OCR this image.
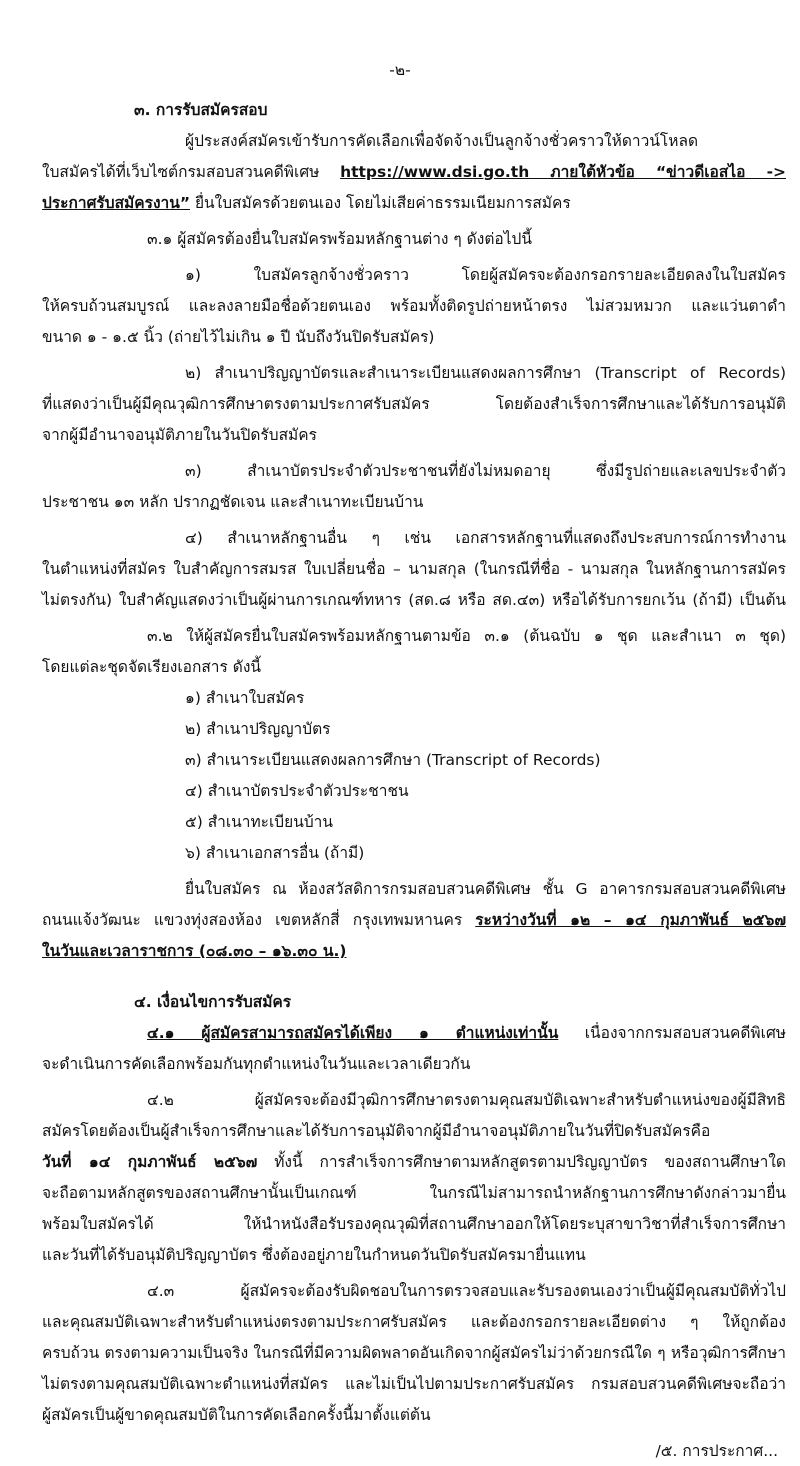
-๒-
๓. การรับสมัครสอบ
ผู้ประสงค์สมัครเข้ารับการคัดเลือกเพื่อจัดจ้างเป็นลูกจ้างชั่วคราวให้ดาวน์โหลด
ใบสมัครได้ที่เว็บไซต์กรมสอบสวนคดีพิเศษ https://www.dsi.go.th ภายใต้หัวข้อ “ข่าวดีเอสไอ ->
ประกาศรับสมัครงาน” ยื่นใบสมัครด้วยตนเอง โดยไม่เสียค่าธรรมเนียมการสมัคร
๓.๑ ผู้สมัครต้องยื่นใบสมัครพร้อมหลักฐานต่าง ๆ ดังต่อไปนี้
๑) ใบสมัครลูกจ้างชั่วคราว โดยผู้สมัครจะต้องกรอกรายละเอียดลงในใบสมัคร
ให้ครบถ้วนสมบูรณ์ และลงลายมือชื่อด้วยตนเอง พร้อมทั้งติดรูปถ่ายหน้าตรง ไม่สวมหมวก และแว่นตาดำ
ขนาด ๑ - ๑.๕ นิ้ว (ถ่ายไว้ไม่เกิน ๑ ปี นับถึงวันปิดรับสมัคร)
๒) สำเนาปริญญาบัตรและสำเนาระเบียนแสดงผลการศึกษา (Transcript of Records)
ที่แสดงว่าเป็นผู้มีคุณวุฒิการศึกษาตรงตามประกาศรับสมัคร โดยต้องสำเร็จการศึกษาและได้รับการอนุมัติ
จากผู้มีอำนาจอนุมัติภายในวันปิดรับสมัคร
๓) สำเนาบัตรประจำตัวประชาชนที่ยังไม่หมดอายุ ซึ่งมีรูปถ่ายและเลขประจำตัว
ประชาชน ๑๓ หลัก ปรากฏชัดเจน และสำเนาทะเบียนบ้าน
๔) สำเนาหลักฐานอื่น ๆ เช่น เอกสารหลักฐานที่แสดงถึงประสบการณ์การทำงาน
ในตำแหน่งที่สมัคร ใบสำคัญการสมรส ใบเปลี่ยนชื่อ – นามสกุล (ในกรณีที่ชื่อ - นามสกุล ในหลักฐานการสมัคร
ไม่ตรงกัน) ใบสำคัญแสดงว่าเป็นผู้ผ่านการเกณฑ์ทหาร (สด.๘ หรือ สด.๔๓) หรือได้รับการยกเว้น (ถ้ามี) เป็นต้น
๓.๒ ให้ผู้สมัครยื่นใบสมัครพร้อมหลักฐานตามข้อ ๓.๑ (ต้นฉบับ ๑ ชุด และสำเนา ๓ ชุด)
โดยแต่ละชุดจัดเรียงเอกสาร ดังนี้
๑) สำเนาใบสมัคร
๒) สำเนาปริญญาบัตร
๓) สำเนาระเบียนแสดงผลการศึกษา (Transcript of Records)
๔) สำเนาบัตรประจำตัวประชาชน
๕) สำเนาทะเบียนบ้าน
๖) สำเนาเอกสารอื่น (ถ้ามี)
ยื่นใบสมัคร ณ ห้องสวัสดิการกรมสอบสวนคดีพิเศษ ชั้น G อาคารกรมสอบสวนคดีพิเศษ
ถนนแจ้งวัฒนะ แขวงทุ่งสองห้อง เขตหลักสี่ กรุงเทพมหานคร ระหว่างวันที่ ๑๒ – ๑๔ กุมภาพันธ์ ๒๕๖๗
ในวันและเวลาราชการ (๐๘.๓๐ – ๑๖.๓๐ น.)
๔. เงื่อนไขการรับสมัคร
๔.๑ ผู้สมัครสามารถสมัครได้เพียง ๑ ตำแหน่งเท่านั้น เนื่องจากกรมสอบสวนคดีพิเศษ
จะดำเนินการคัดเลือกพร้อมกันทุกตำแหน่งในวันและเวลาเดียวกัน
๔.๒ ผู้สมัครจะต้องมีวุฒิการศึกษาตรงตามคุณสมบัติเฉพาะสำหรับตำแหน่งของผู้มีสิทธิ
สมัครโดยต้องเป็นผู้สำเร็จการศึกษาและได้รับการอนุมัติจากผู้มีอำนาจอนุมัติภายในวันที่ปิดรับสมัครคือ
วันที่ ๑๔ กุมภาพันธ์ ๒๕๖๗ ทั้งนี้ การสำเร็จการศึกษาตามหลักสูตรตามปริญญาบัตร ของสถานศึกษาใด
จะถือตามหลักสูตรของสถานศึกษานั้นเป็นเกณฑ์ ในกรณีไม่สามารถนำหลักฐานการศึกษาดังกล่าวมายื่น
พร้อมใบสมัครได้ ให้นำหนังสือรับรองคุณวุฒิที่สถานศึกษาออกให้โดยระบุสาขาวิชาที่สำเร็จการศึกษา
และวันที่ได้รับอนุมัติปริญญาบัตร ซึ่งต้องอยู่ภายในกำหนดวันปิดรับสมัครมายื่นแทน
๔.๓ ผู้สมัครจะต้องรับผิดชอบในการตรวจสอบและรับรองตนเองว่าเป็นผู้มีคุณสมบัติทั่วไป
และคุณสมบัติเฉพาะสำหรับตำแหน่งตรงตามประกาศรับสมัคร และต้องกรอกรายละเอียดต่าง ๆ ให้ถูกต้อง
ครบถ้วน ตรงตามความเป็นจริง ในกรณีที่มีความผิดพลาดอันเกิดจากผู้สมัครไม่ว่าด้วยกรณีใด ๆ หรือวุฒิการศึกษา
ไม่ตรงตามคุณสมบัติเฉพาะตำแหน่งที่สมัคร และไม่เป็นไปตามประกาศรับสมัคร กรมสอบสวนคดีพิเศษจะถือว่า
ผู้สมัครเป็นผู้ขาดคุณสมบัติในการคัดเลือกครั้งนี้มาตั้งแต่ต้น
/๕. การประกาศ...
